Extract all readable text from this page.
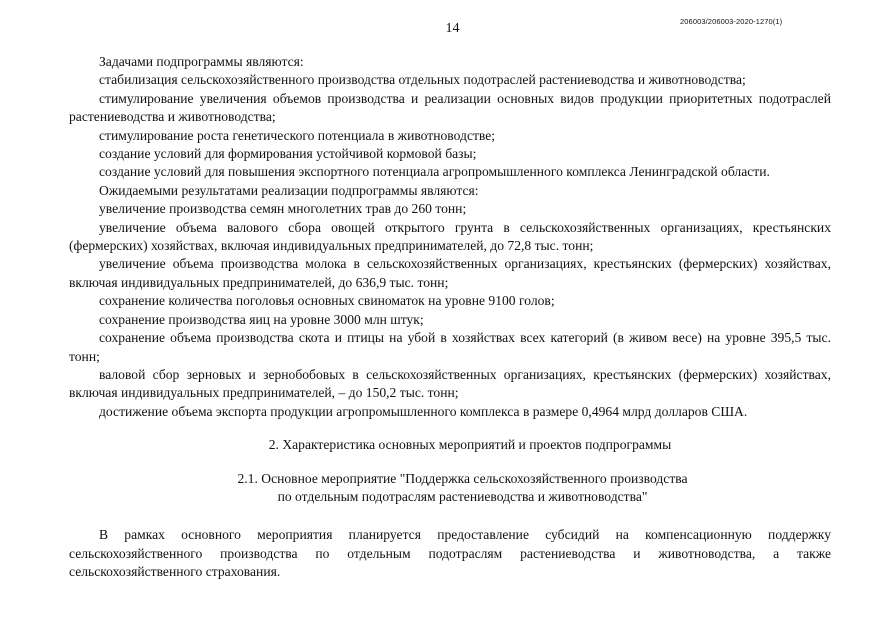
14	206003/206003-2020-1270(1)

Задачами подпрограммы являются:

стабилизация сельскохозяйственного производства отдельных подотраслей растениеводства и животноводства;

стимулирование увеличения объемов производства и реализации основных видов продукции приоритетных подотраслей растениеводства и животноводства;

стимулирование роста генетического потенциала в животноводстве;

создание условий для формирования устойчивой кормовой базы;

создание условий для повышения экспортного потенциала агропромышленного комплекса Ленинградской области.

Ожидаемыми результатами реализации подпрограммы являются:

увеличение производства семян многолетних трав до 260 тонн;

увеличение объема валового сбора овощей открытого грунта в сельскохозяйственных организациях, крестьянских (фермерских) хозяйствах, включая индивидуальных предпринимателей, до 72,8 тыс. тонн;

увеличение объема производства молока в сельскохозяйственных организациях, крестьянских (фермерских) хозяйствах, включая индивидуальных предпринимателей, до 636,9 тыс. тонн;

сохранение количества поголовья основных свиноматок на уровне 9100 голов;

сохранение производства яиц на уровне 3000 млн штук;

сохранение объема производства скота и птицы на убой в хозяйствах всех категорий (в живом весе) на уровне 395,5 тыс. тонн;

валовой сбор зерновых и зернобобовых в сельскохозяйственных организациях, крестьянских (фермерских) хозяйствах, включая индивидуальных предпринимателей, – до 150,2 тыс. тонн;

достижение объема экспорта продукции агропромышленного комплекса в размере 0,4964 млрд долларов США.

2. Характеристика основных мероприятий и проектов подпрограммы
2.1. Основное мероприятие "Поддержка сельскохозяйственного производства
по отдельным подотраслям растениеводства и животноводства"

В рамках основного мероприятия планируется предоставление субсидий на компенсационную поддержку сельскохозяйственного производства по отдельным подотраслям растениеводства и животноводства, а также сельскохозяйственного страхования.
